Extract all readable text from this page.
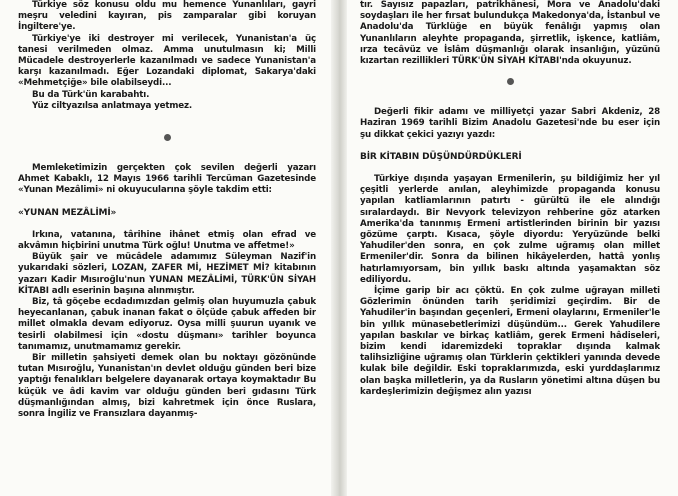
Türkiye söz konusu oldu mu hemence Yunanlıları, gayri meşru veledini kayıran, pis zamparalar gibi koruyan İngiltere'ye.

Türkiye'ye iki destroyer mi verilecek, Yunanistan'a üç tanesi verilmeden olmaz. Amma unutulmasın ki; Milli Mücadele destroyerlerle kazanılmadı ve sadece Yunanistan'a karşı kazanılmadı. Eğer Lozandaki diplomat, Sakarya'daki «Mehmetçiğe» bile olabilseydi...

Bu da Türk'ün karabahtı.

Yüz ciltyazılsa anlatmaya yetmez.

Memleketimizin gerçekten çok sevilen değerli yazarı Ahmet Kabaklı, 12 Mayıs 1966 tarihli Tercüman Gazetesinde «Yunan Mezâlimi» ni okuyucularına şöyle takdim etti:

«YUNAN MEZÂLİMİ»

Irkına, vatanına, târihine ihânet etmiş olan efrad ve akvâmın hiçbirini unutma Türk oğlu! Unutma ve affetme!»

Büyük şair ve mücâdele adamımız Süleyman Nazif'in yukarıdaki sözleri, LOZAN, ZAFER Mİ, HEZİMET Mİ? kitabının yazarı Kadir Mısıroğlu'nun YUNAN MEZÂLİMİ, TÜRK'ÜN SİYAH KİTABI adlı eserinin başına alınmıştır.

Biz, tâ göçebe ecdadımızdan gelmiş olan huyumuzla çabuk heyecanlanan, çabuk inanan fakat o ölçüde çabuk affeden bir millet olmakla devam ediyoruz. Oysa milli şuurun uyanık ve tesirli olabilmesi için «dostu düşmanı» tarihler boyunca tanımamız, unutmamamız gerekir.

Bir milletin şahsiyeti demek olan bu noktayı gözönünde tutan Mısıroğlu, Yunanistan'ın devlet olduğu günden beri bize yaptığı fenalıkları belgelere dayanarak ortaya koymaktadır Bu küçük ve âdi kavim var olduğu günden beri gıdasını Türk düşmanlığından almış, bizi kahretmek için önce Ruslara, sonra İngiliz ve Fransızlara dayanmış-

tır. Sayısız papazları, patrikhânesi, Mora ve Anadolu'daki soydaşları ile her fırsat bulundukça Makedonya'da, İstanbul ve Anadolu'da Türklüğe en büyük fenâlığı yapmış olan Yunanlıların aleyhte propaganda, şirretlik, işkence, katliâm, ırza tecâvüz ve İslâm düşmanlığı olarak insanlığın, yüzünü kızartan rezillikleri TÜRK'ÜN SİYAH KİTABI'nda okuyunuz.

Değerli fikir adamı ve milliyetçi yazar Sabri Akdeniz, 28 Haziran 1969 tarihli Bizim Anadolu Gazetesi'nde bu eser için şu dikkat çekici yazıyı yazdı:

BİR KİTABIN DÜŞÜNDÜRDÜKLERİ

Türkiye dışında yaşayan Ermenilerin, şu bildiğimiz her yıl çeşitli yerlerde anılan, aleyhimizde propaganda konusu yapılan katliamlarının patırtı - gürültü ile ele alındığı sıralardaydı. Bir Nevyork televizyon rehberine göz atarken Amerika'da tanınmış Ermeni artistlerinden birinin bir yazısı gözüme çarptı. Kısaca, şöyle diyordu: Yeryüzünde belki Yahudiler'den sonra, en çok zulme uğramış olan millet Ermeniler'dir. Sonra da bilinen hikâyelerden, hattâ yonlış hatırlamıyorsam, bin yıllık baskı altında yaşamaktan söz ediliyordu.

İçime garip bir acı çöktü. En çok zulme uğrayan milleti Gözlerimin önünden tarih şeridimizi geçirdim. Bir de Yahudiler'in başından geçenleri, Ermeni olaylarını, Ermeniler'le bin yıllık münasebetlerimizi düşündüm... Gerek Yahudilere yapılan baskılar ve birkaç katliâm, gerek Ermeni hâdiseleri, bizim kendi idaremizdeki topraklar dışında kalmak talihsizliğine uğramış olan Türklerin çektikleri yanında devede kulak bile değildir. Eski topraklarımızda, eski yurddaşlarımız olan başka milletlerin, ya da Rusların yönetimi altına düşen bu kardeşlerimizin değişmez alın yazısı
